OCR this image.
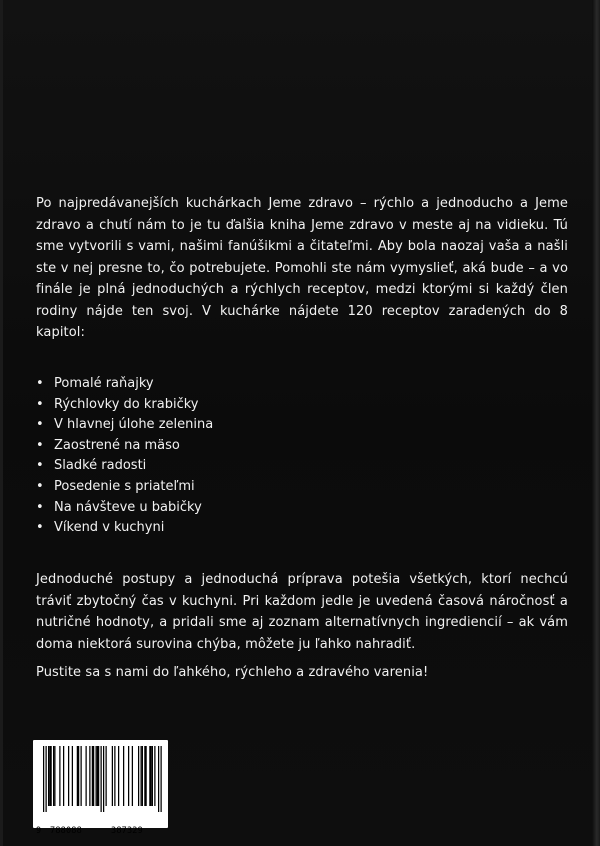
Po najpredávanejších kuchárkach Jeme zdravo – rýchlo a jednoducho a Jeme zdravo a chutí nám to je tu ďalšia kniha Jeme zdravo v meste aj na vidieku. Tú sme vytvorili s vami, našimi fanúšikmi a čitateľmi. Aby bola naozaj vaša a našli ste v nej presne to, čo potrebujete. Pomohli ste nám vymyslieť, aká bude – a vo finále je plná jednoduchých a rýchlych receptov, medzi ktorými si každý člen rodiny nájde ten svoj. V kuchárke nájdete 120 receptov zaradených do 8 kapitol:

• Pomalé raňajky
• Rýchlovky do krabičky
• V hlavnej úlohe zelenina
• Zaostrené na mäso
• Sladké radosti
• Posedenie s priateľmi
• Na návšteve u babičky
• Víkend v kuchyni

Jednoduché postupy a jednoduchá príprava potešia všetkých, ktorí nechcú tráviť zbytočný čas v kuchyni. Pri každom jedle je uvedená časová náročnosť a nutričné hodnoty, a pridali sme aj zoznam alternatívnych ingrediencií – ak vám doma niektorá surovina chýba, môžete ju ľahko nahradiť.

Pustite sa s nami do ľahkého, rýchleho a zdravého varenia!

9 788088	387329
